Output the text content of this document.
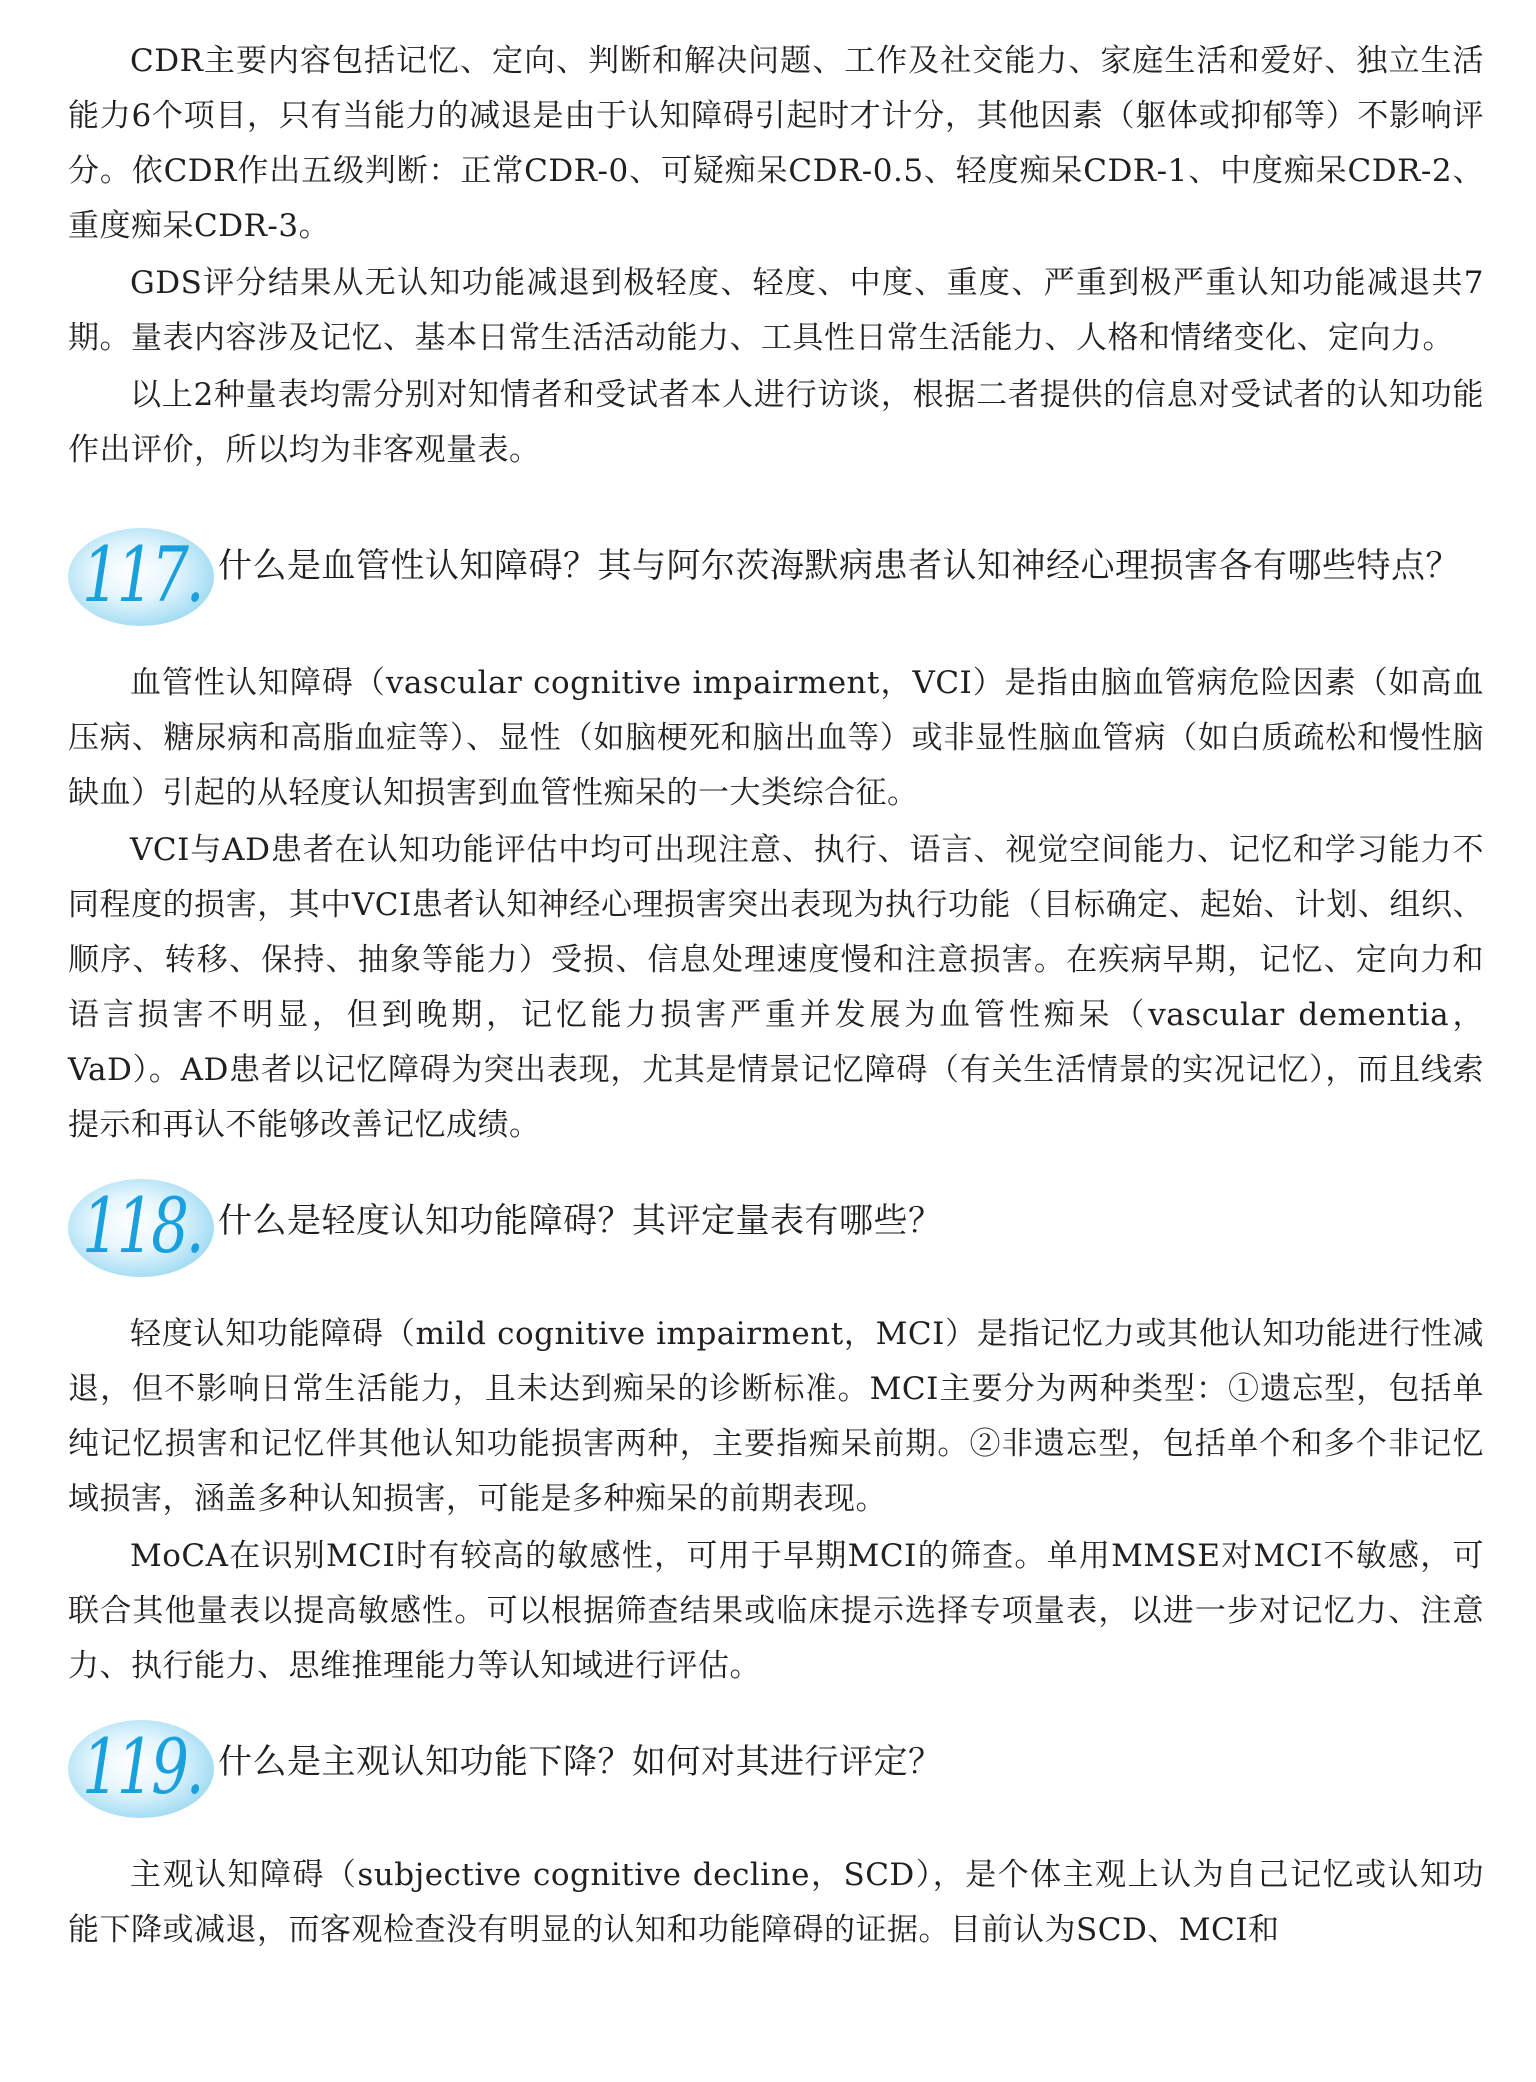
CDR主要内容包括记忆、定向、判断和解决问题、工作及社交能力、家庭生活和爱好、独立生活能力6个项目，只有当能力的减退是由于认知障碍引起时才计分，其他因素（躯体或抑郁等）不影响评分。依CDR作出五级判断：正常CDR-0、可疑痴呆CDR-0.5、轻度痴呆CDR-1、中度痴呆CDR-2、重度痴呆CDR-3。

GDS评分结果从无认知功能减退到极轻度、轻度、中度、重度、严重到极严重认知功能减退共7期。量表内容涉及记忆、基本日常生活活动能力、工具性日常生活能力、人格和情绪变化、定向力。

以上2种量表均需分别对知情者和受试者本人进行访谈，根据二者提供的信息对受试者的认知功能作出评价，所以均为非客观量表。

117. 什么是血管性认知障碍？其与阿尔茨海默病患者认知神经心理损害各有哪些特点？

血管性认知障碍（vascular cognitive impairment，VCI）是指由脑血管病危险因素（如高血压病、糖尿病和高脂血症等）、显性（如脑梗死和脑出血等）或非显性脑血管病（如白质疏松和慢性脑缺血）引起的从轻度认知损害到血管性痴呆的一大类综合征。

VCI与AD患者在认知功能评估中均可出现注意、执行、语言、视觉空间能力、记忆和学习能力不同程度的损害，其中VCI患者认知神经心理损害突出表现为执行功能（目标确定、起始、计划、组织、顺序、转移、保持、抽象等能力）受损、信息处理速度慢和注意损害。在疾病早期，记忆、定向力和语言损害不明显，但到晚期，记忆能力损害严重并发展为血管性痴呆（vascular dementia，VaD）。AD患者以记忆障碍为突出表现，尤其是情景记忆障碍（有关生活情景的实况记忆），而且线索提示和再认不能够改善记忆成绩。

118. 什么是轻度认知功能障碍？其评定量表有哪些？

轻度认知功能障碍（mild cognitive impairment，MCI）是指记忆力或其他认知功能进行性减退，但不影响日常生活能力，且未达到痴呆的诊断标准。MCI主要分为两种类型：①遗忘型，包括单纯记忆损害和记忆伴其他认知功能损害两种，主要指痴呆前期。②非遗忘型，包括单个和多个非记忆域损害，涵盖多种认知损害，可能是多种痴呆的前期表现。

MoCA在识别MCI时有较高的敏感性，可用于早期MCI的筛查。单用MMSE对MCI不敏感，可联合其他量表以提高敏感性。可以根据筛查结果或临床提示选择专项量表，以进一步对记忆力、注意力、执行能力、思维推理能力等认知域进行评估。

119. 什么是主观认知功能下降？如何对其进行评定？

主观认知障碍（subjective cognitive decline，SCD），是个体主观上认为自己记忆或认知功能下降或减退，而客观检查没有明显的认知和功能障碍的证据。目前认为SCD、MCI和
